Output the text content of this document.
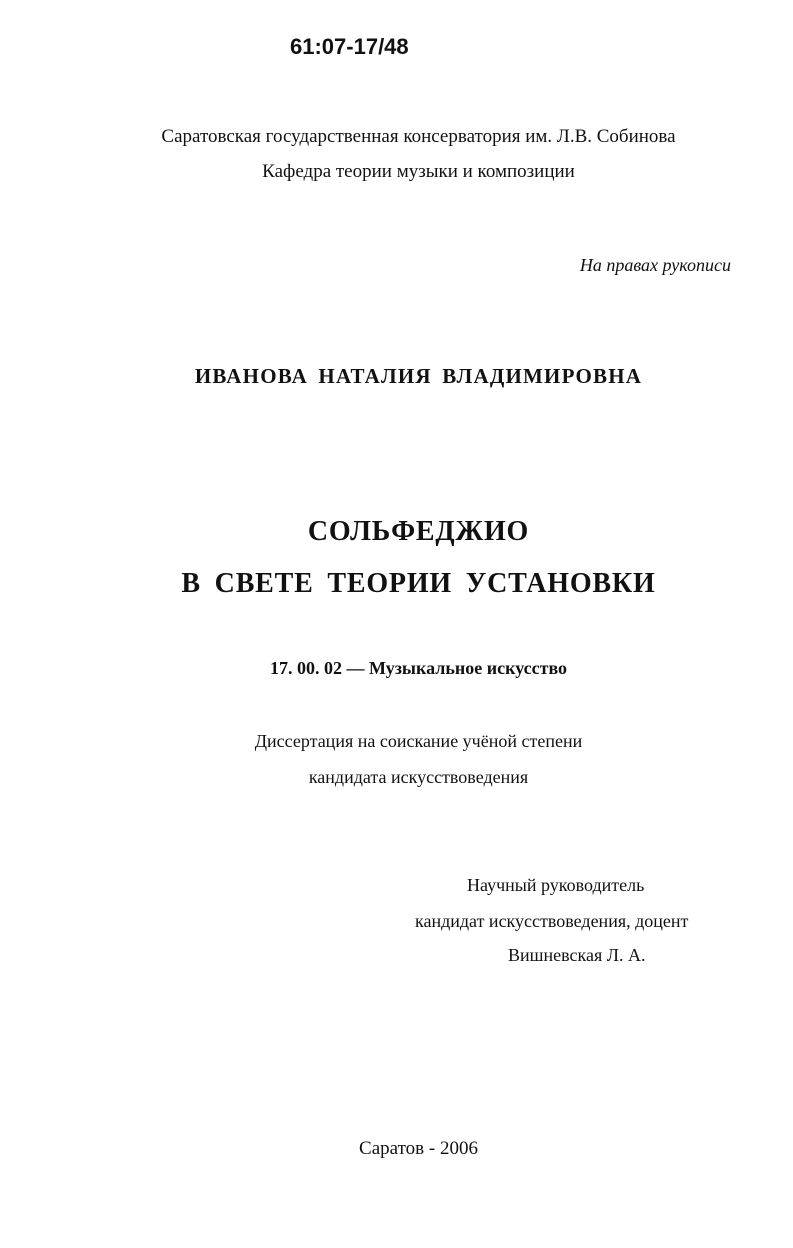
61:07-17/48
Саратовская государственная консерватория им. Л.В. Собинова
Кафедра теории музыки и композиции
На правах рукописи
ИВАНОВА НАТАЛИЯ ВЛАДИМИРОВНА
СОЛЬФЕДЖИО
В СВЕТЕ ТЕОРИИ УСТАНОВКИ
17. 00. 02 — Музыкальное искусство
Диссертация на соискание учёной степени
кандидата искусствоведения
Научный руководитель
кандидат искусствоведения, доцент
Вишневская Л. А.
Саратов - 2006
